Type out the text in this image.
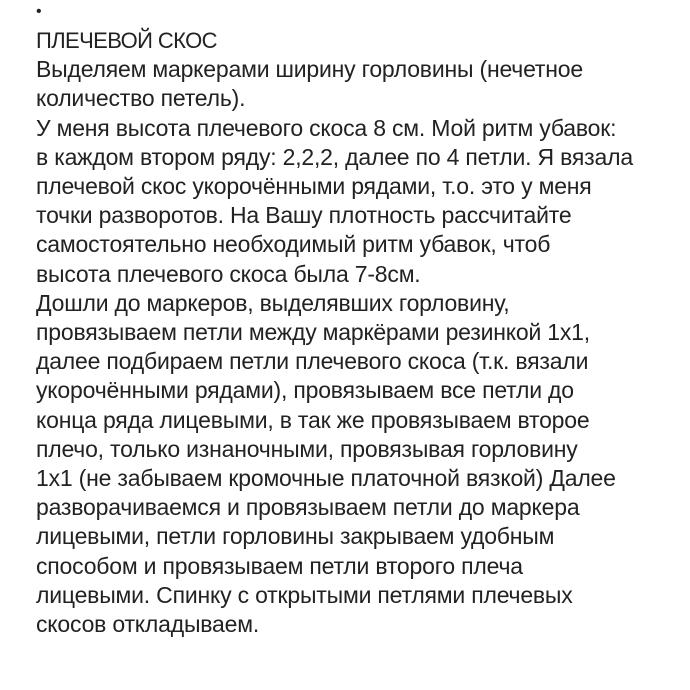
•
ПЛЕЧЕВОЙ СКОС
Выделяем маркерами ширину горловины (нечетное
количество петель).
У меня высота плечевого скоса 8 см. Мой ритм убавок:
в каждом втором ряду: 2,2,2, далее по 4 петли. Я вязала
плечевой скос укорочёнными рядами, т.о. это у меня
точки разворотов. На Вашу плотность рассчитайте
самостоятельно необходимый ритм убавок, чтоб
высота плечевого скоса была 7-8см.
Дошли до маркеров, выделявших горловину,
провязываем петли между маркёрами резинкой 1х1,
далее подбираем петли плечевого скоса (т.к. вязали
укорочёнными рядами), провязываем все петли до
конца ряда лицевыми, в так же провязываем второе
плечо, только изнаночными, провязывая горловину
1х1 (не забываем кромочные платочной вязкой) Далее
разворачиваемся и провязываем петли до маркера
лицевыми, петли горловины закрываем удобным
способом и провязываем петли второго плеча
лицевыми. Спинку с открытыми петлями плечевых
скосов откладываем.
